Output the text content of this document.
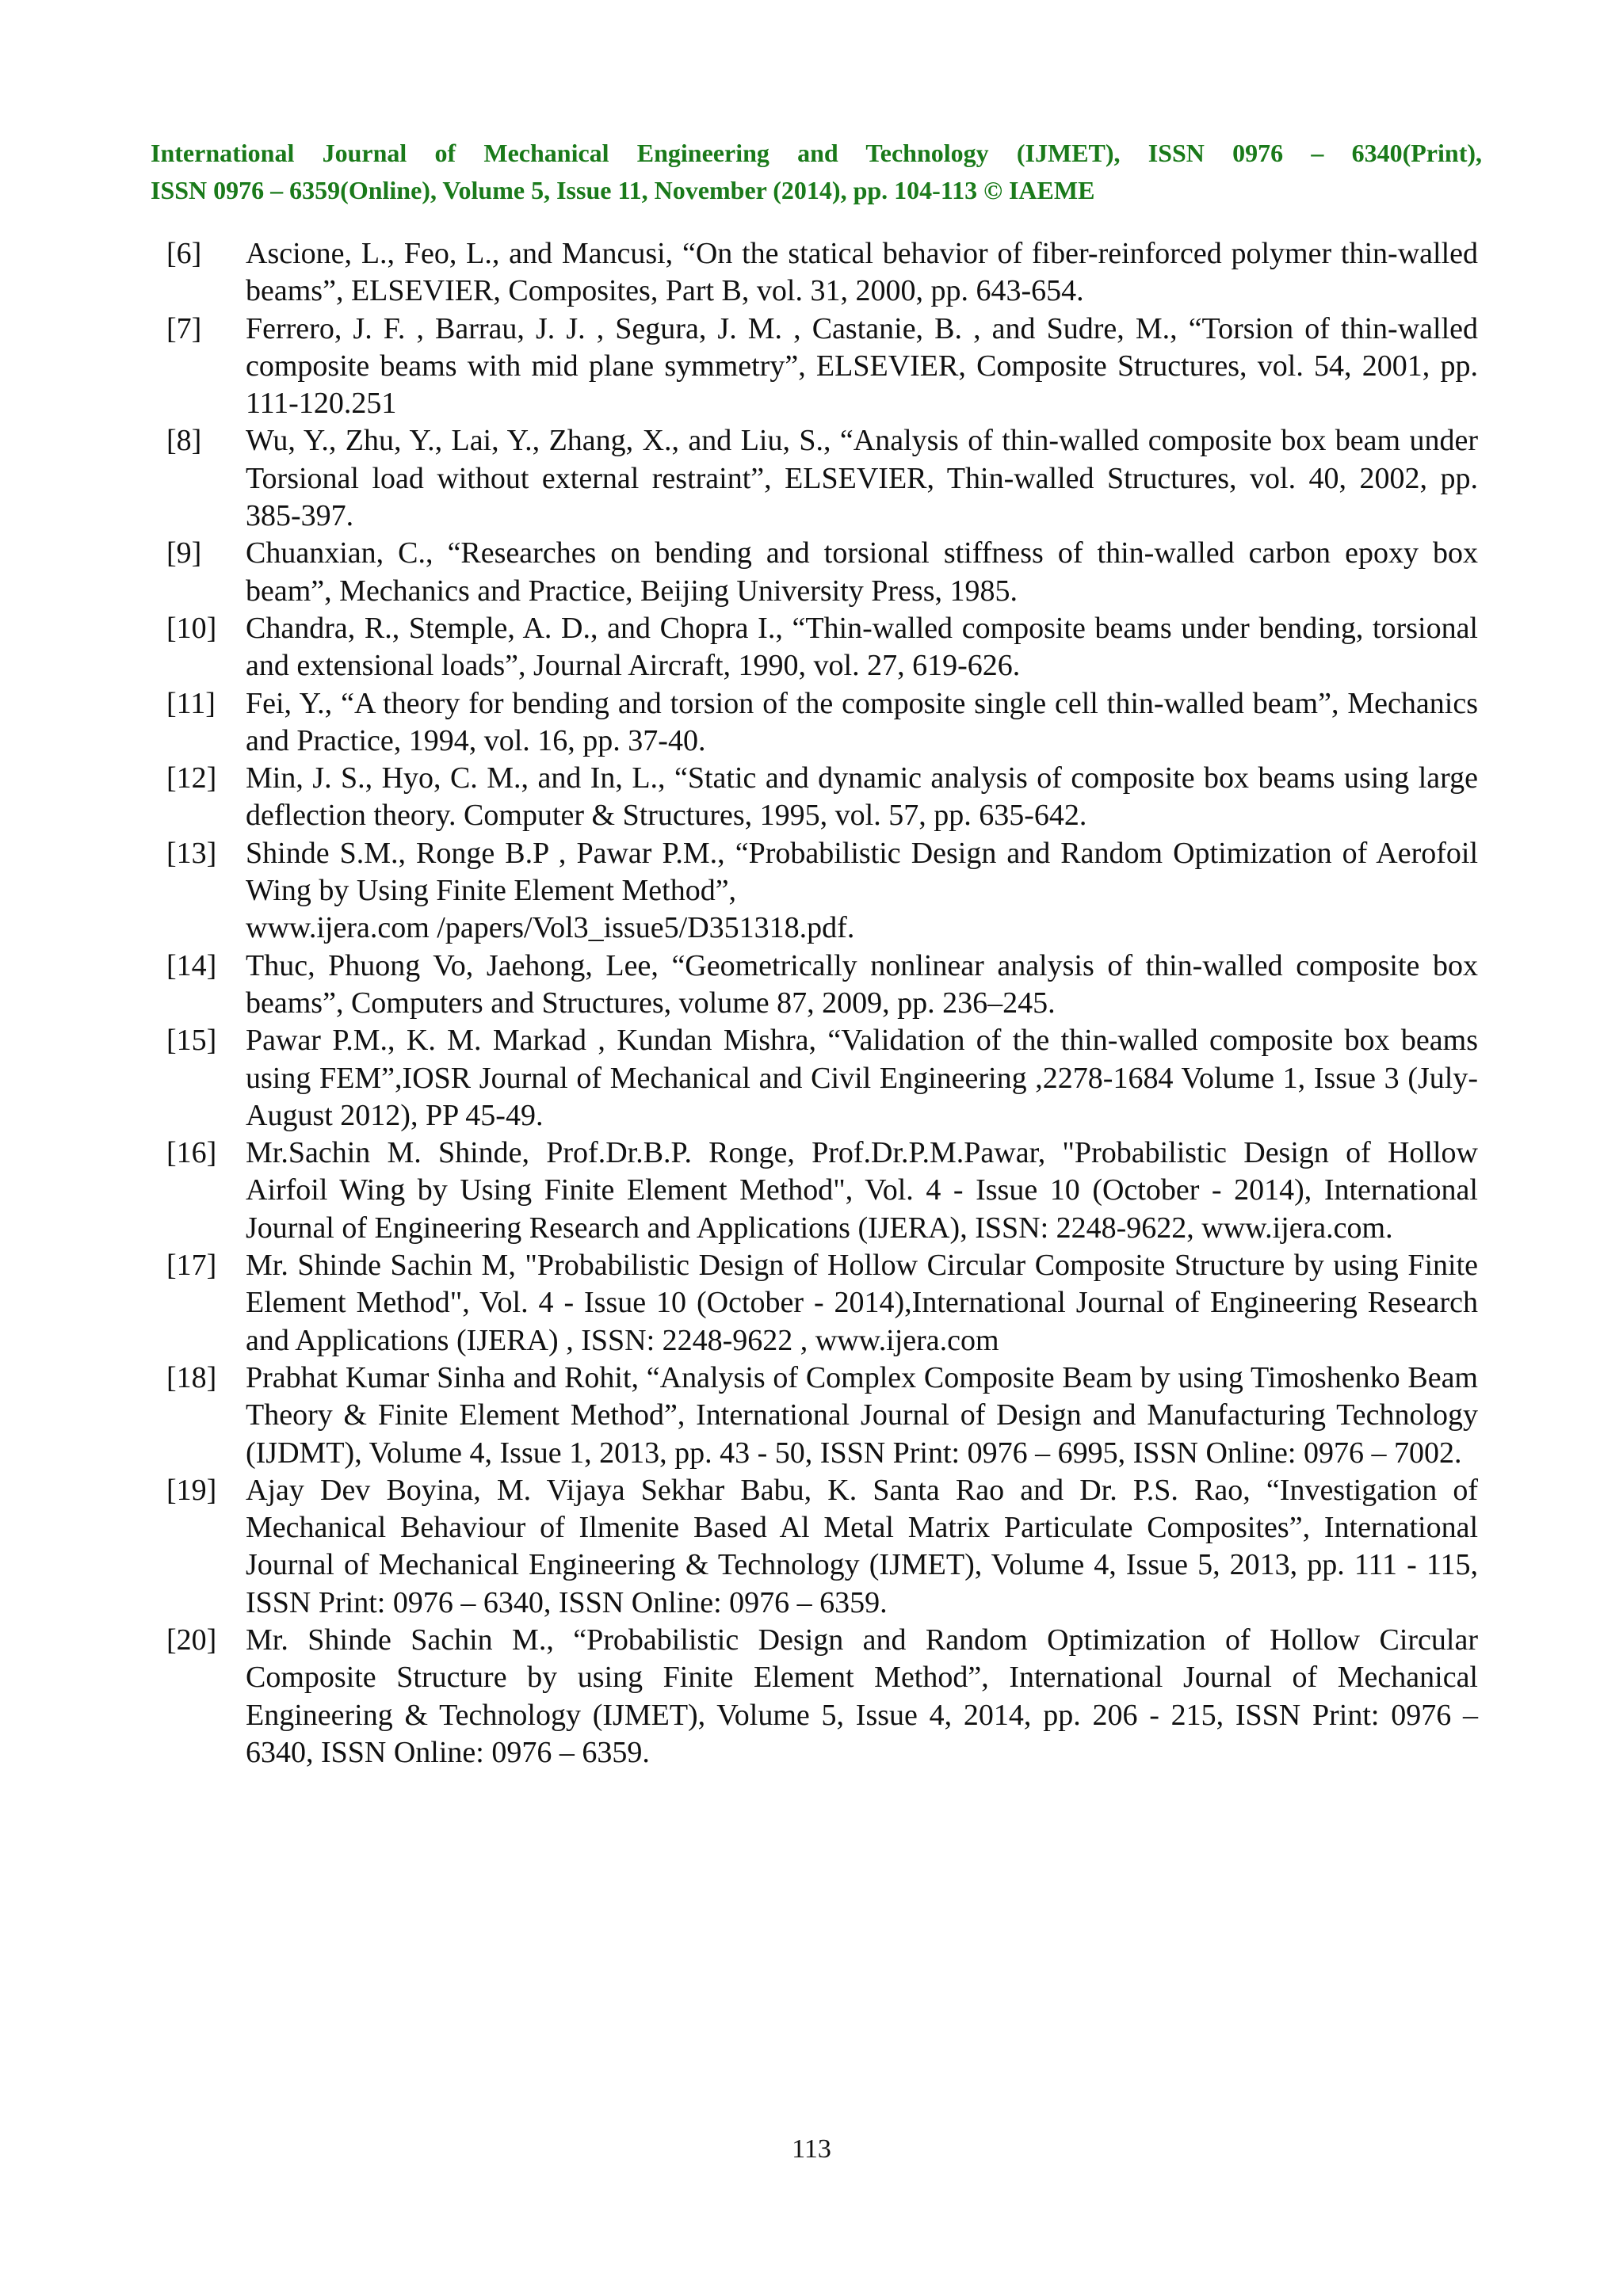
International Journal of Mechanical Engineering and Technology (IJMET), ISSN 0976 – 6340(Print),
ISSN 0976 – 6359(Online), Volume 5, Issue 11, November (2014), pp. 104-113 © IAEME
[6]	Ascione, L., Feo, L., and Mancusi, “On the statical behavior of fiber-reinforced polymer thin-walled beams”, ELSEVIER, Composites, Part B, vol. 31, 2000, pp. 643-654.
[7]	Ferrero, J. F. , Barrau, J. J. , Segura, J. M. , Castanie, B. , and Sudre, M., “Torsion of thin-walled composite beams with mid plane symmetry”, ELSEVIER, Composite Structures, vol. 54, 2001, pp. 111-120.251
[8]	Wu, Y., Zhu, Y., Lai, Y., Zhang, X., and Liu, S., “Analysis of thin-walled composite box beam under Torsional load without external restraint”, ELSEVIER, Thin-walled Structures, vol. 40, 2002, pp. 385-397.
[9]	Chuanxian, C., “Researches on bending and torsional stiffness of thin-walled carbon epoxy box beam”, Mechanics and Practice, Beijing University Press, 1985.
[10] Chandra, R., Stemple, A. D., and Chopra I., “Thin-walled composite beams under bending, torsional and extensional loads”, Journal Aircraft, 1990, vol. 27, 619-626.
[11]	Fei, Y., “A theory for bending and torsion of the composite single cell thin-walled beam”, Mechanics and Practice, 1994, vol. 16, pp. 37-40.
[12] Min, J. S., Hyo, C. M., and In, L., “Static and dynamic analysis of composite box beams using large deflection theory. Computer & Structures, 1995, vol. 57, pp. 635-642.
[13] Shinde S.M., Ronge B.P , Pawar P.M., “Probabilistic Design and Random Optimization of Aerofoil Wing by Using Finite Element Method”,
www.ijera.com /papers/Vol3_issue5/D351318.pdf.
[14] Thuc, Phuong Vo, Jaehong, Lee, “Geometrically nonlinear analysis of thin-walled composite box beams”, Computers and Structures, volume 87, 2009, pp. 236–245.
[15] Pawar P.M., K. M. Markad , Kundan Mishra, “Validation of the thin-walled composite box beams using FEM”,IOSR Journal of Mechanical and Civil Engineering ,2278-1684 Volume 1, Issue 3 (July-August 2012), PP 45-49.
[16] Mr.Sachin M. Shinde, Prof.Dr.B.P. Ronge, Prof.Dr.P.M.Pawar, "Probabilistic Design of Hollow Airfoil Wing by Using Finite Element Method", Vol. 4 - Issue 10 (October - 2014), International Journal of Engineering Research and Applications (IJERA), ISSN: 2248-9622, www.ijera.com.
[17] Mr. Shinde Sachin M, "Probabilistic Design of Hollow Circular Composite Structure by using Finite Element Method", Vol. 4 - Issue 10 (October - 2014),International Journal of Engineering Research and Applications (IJERA) , ISSN: 2248-9622 , www.ijera.com
[18] Prabhat Kumar Sinha and Rohit, “Analysis of Complex Composite Beam by using Timoshenko Beam Theory & Finite Element Method”, International Journal of Design and Manufacturing Technology (IJDMT), Volume 4, Issue 1, 2013, pp. 43 - 50, ISSN Print: 0976 – 6995, ISSN Online: 0976 – 7002.
[19] Ajay Dev Boyina, M. Vijaya Sekhar Babu, K. Santa Rao and Dr. P.S. Rao, “Investigation of Mechanical Behaviour of Ilmenite Based Al Metal Matrix Particulate Composites”, International Journal of Mechanical Engineering & Technology (IJMET), Volume 4, Issue 5, 2013, pp. 111 - 115, ISSN Print: 0976 – 6340, ISSN Online: 0976 – 6359.
[20] Mr. Shinde Sachin M., “Probabilistic Design and Random Optimization of Hollow Circular Composite Structure by using Finite Element Method”, International Journal of Mechanical Engineering & Technology (IJMET), Volume 5, Issue 4, 2014, pp. 206 - 215, ISSN Print: 0976 – 6340, ISSN Online: 0976 – 6359.
113
